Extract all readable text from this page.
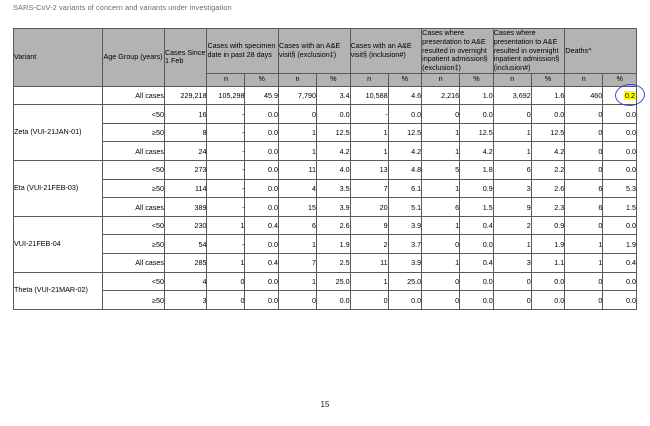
SARS-CoV-2 variants of concern and variants under investigation
Variant	Age Group (years)	Cases Since 1 Feb	Cases with specimen date in past 28 days		Cases with an A&E visit§ (exclusion‡)		Cases with an A&E visit§ (inclusion#)		Cases where presentation to A&E resulted in overnight inpatient admission§ (exclusion‡)		Cases where presentation to A&E resulted in overnight inpatient admission§ (inclusion#)		Deaths^	
			n	%	n	%	n	%	n	%	n	%	n	%
	All cases	229,218	105,298	45.9	7,790	3.4	10,588	4.6	2,216	1.0	3,692	1.6	460	0.2
Zeta (VUI-21JAN-01)	<50	16	-	0.0	0	0.0	-	0.0	0	0.0	0	0.0	0	0.0
	≥50	8	-	0.0	1	12.5	1	12.5	1	12.5	1	12.5	0	0.0
	All cases	24	-	0.0	1	4.2	1	4.2	1	4.2	1	4.2	0	0.0
Eta (VUI-21FEB-03)	<50	273	-	0.0	11	4.0	13	4.8	5	1.8	6	2.2	0	0.0
	≥50	114	-	0.0	4	3.5	7	6.1	1	0.9	3	2.6	6	5.3
	All cases	389	-	0.0	15	3.9	20	5.1	6	1.5	9	2.3	6	1.5
VUI-21FEB-04	<50	230	1	0.4	6	2.6	9	3.9	1	0.4	2	0.9	0	0.0
	≥50	54	-	0.0	1	1.9	2	3.7	0	0.0	1	1.9	1	1.9
	All cases	285	1	0.4	7	2.5	11	3.9	1	0.4	3	1.1	1	0.4
Theta (VUI-21MAR-02)	<50	4	0	0.0	1	25.0	1	25.0	0	0.0	0	0.0	0	0.0
	≥50	3	0	0.0	0	0.0	0	0.0	0	0.0	0	0.0	0	0.0
15
